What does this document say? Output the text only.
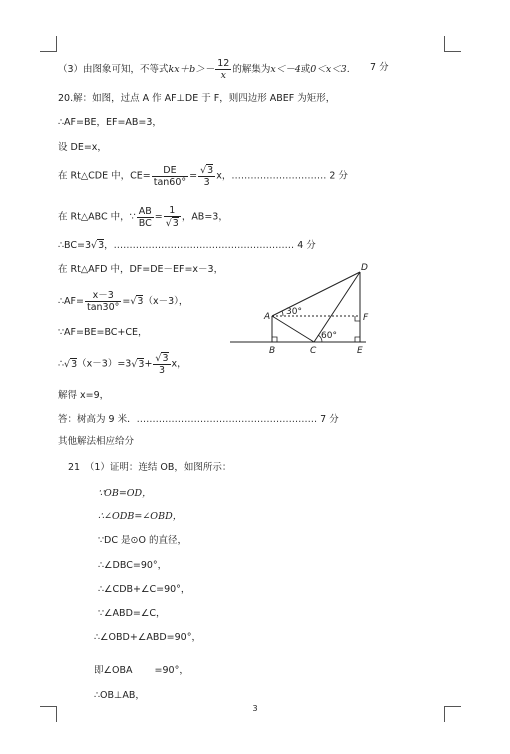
（3）由图象可知，不等式$kx+b>- \frac{12}{x}$ 的解集为x＜－4或0＜x＜3. 7 分
20.解：如图，过点 A 作 AF⊥DE 于 F，则四边形 ABEF 为矩形，
∴AF=BE，EF=AB=3，
设 DE=x，
在 Rt△CDE 中，$CE= \frac{DE}{\tan 60^\circ} = \frac{√3}{3}$ x，………………………… 2 分
在 Rt△ABC 中，∵ $\frac{AB}{BC} = \frac{1}{√3}$ ，AB=3，
∴BC=3√3，………………………………………………… 4 分
在 Rt△AFD 中，DF=DE－EF=x－3，
∴AF= $\frac{x-3}{\tan 30^\circ} =√3(x-3)$，
∵AF=BE=BC+CE，
∴√3（x－3）=3√3+ $\frac{√3}{3}$ x，
解得 x=9，
答：树高为 9 米．………………………………………………… 7 分
其他解法相应给分
D
A	F
B	C	E
30°
60°
21　（1）证明：连结 OB，如图所示：
∵OB=OD，
∴∠ODB=∠OBD，
∵DC 是⊙O 的直径，
∴∠DBC=90°，
∴∠CDB+∠C=90°，
∵∠ABD=∠C，
∴∠OBD+∠ABD=90°，
即∠OBA =90°，
∴OB⊥AB，
3
